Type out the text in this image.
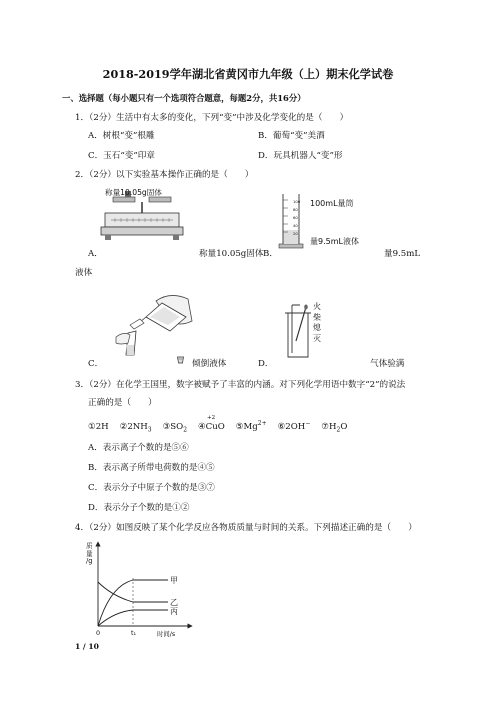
2018-2019学年湖北省黄冈市九年级（上）期末化学试卷
一、选择题（每小题只有一个选项符合题意，每题2分，共16分）
1．（2分）生活中有太多的变化，下列“变”中涉及化学变化的是（　　）
A．树根“变”根雕	B．葡萄“变”美酒
C．玉石“变”印章	D．玩具机器人“变”形
2．（2分）以下实验基本操作正确的是（　　）
称量10.05g固体
A．	称量10.05g固体
100
80
60
40
20
100mL量筒
量9.5mL液体
B．	量9.5mL
液体
C．	倾倒液体
火
柴
熄
灭
D．	气体验满
3．（2分）在化学王国里，数字被赋予了丰富的内涵。对下列化学用语中数字“2”的说法
正确的是（　　）
①2H $②2NH_3$ $③SO_2$
+2
④CuO $⑤Mg^{2+}$ ⑥2OH− $⑦H_2O$
A．表示离子个数的是⑤⑥
B．表示离子所带电荷数的是④⑤
C．表示分子中原子个数的是③⑦
D．表示分子个数的是①②
4．（2分）如图反映了某个化学反应各物质质量与时间的关系。下列描述正确的是（　　）
质
量
/g
甲
乙
丙
0	t₁	时间/s
1 / 10
